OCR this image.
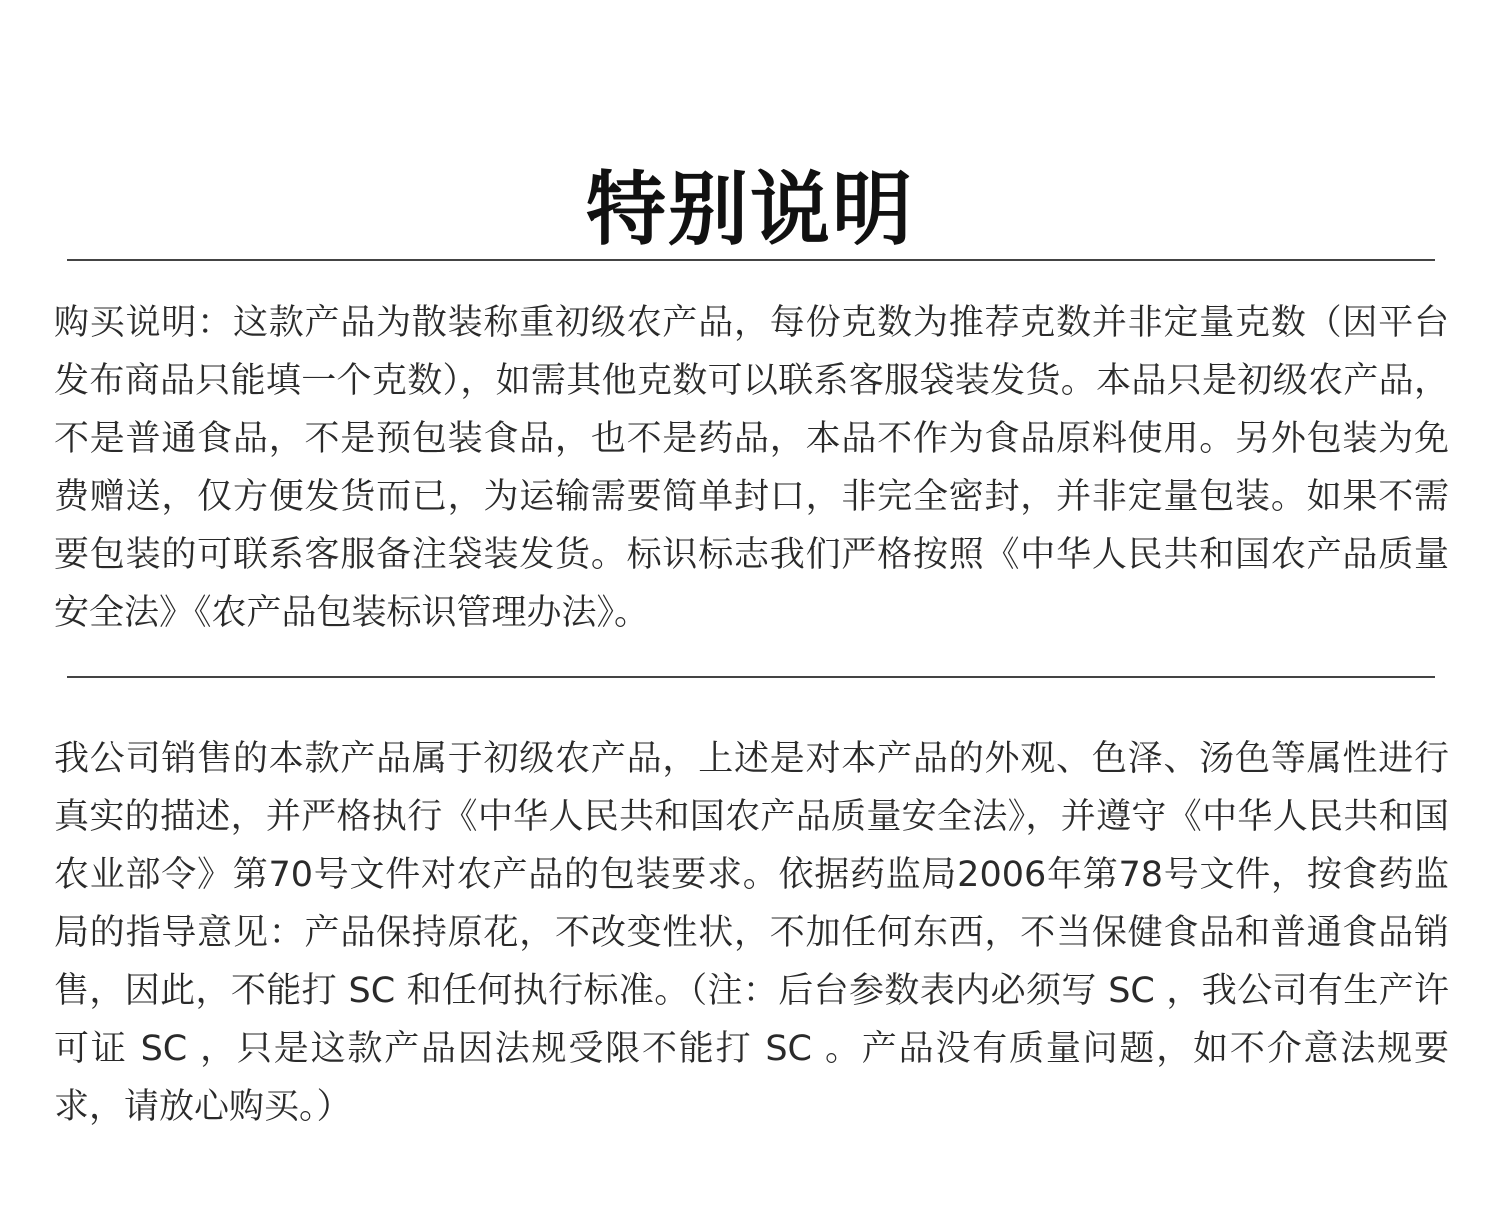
特别说明

购买说明：这款产品为散装称重初级农产品，每份克数为推荐克数并非定量克数（因平台发布商品只能填一个克数），如需其他克数可以联系客服袋装发货。本品只是初级农产品，不是普通食品，不是预包装食品，也不是药品，本品不作为食品原料使用。另外包装为免费赠送，仅方便发货而已，为运输需要简单封口，非完全密封，并非定量包装。如果不需要包装的可联系客服备注袋装发货。标识标志我们严格按照《中华人民共和国农产品质量安全法》《农产品包装标识管理办法》。

我公司销售的本款产品属于初级农产品，上述是对本产品的外观、色泽、汤色等属性进行真实的描述，并严格执行《中华人民共和国农产品质量安全法》，并遵守《中华人民共和国农业部令》第70号文件对农产品的包装要求。依据药监局2006年第78号文件，按食药监局的指导意见：产品保持原花，不改变性状，不加任何东西，不当保健食品和普通食品销售，因此，不能打 SC 和任何执行标准。（注：后台参数表内必须写 SC ，我公司有生产许可证 SC ，只是这款产品因法规受限不能打 SC 。产品没有质量问题，如不介意法规要求，请放心购买。）
